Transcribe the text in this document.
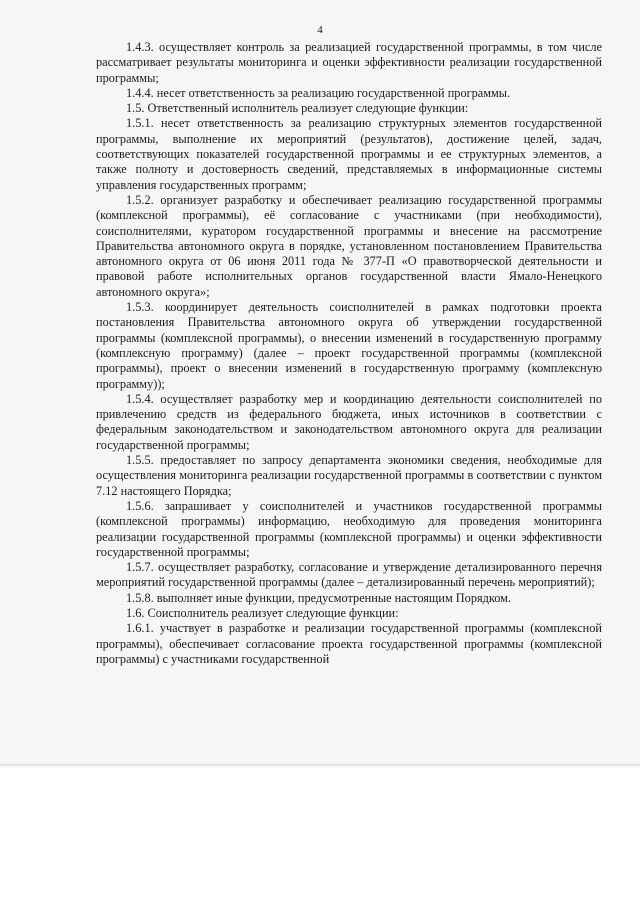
4

1.4.3. осуществляет контроль за реализацией государственной программы, в том числе рассматривает результаты мониторинга и оценки эффективности реализации государственной программы;

1.4.4. несет ответственность за реализацию государственной программы.

1.5. Ответственный исполнитель реализует следующие функции:

1.5.1. несет ответственность за реализацию структурных элементов государственной программы, выполнение их мероприятий (результатов), достижение целей, задач, соответствующих показателей государственной программы и ее структурных элементов, а также полноту и достоверность сведений, представляемых в информационные системы управления государственных программ;

1.5.2. организует разработку и обеспечивает реализацию государственной программы (комплексной программы), её согласование с участниками (при необходимости), соисполнителями, куратором государственной программы и внесение на рассмотрение Правительства автономного округа в порядке, установленном постановлением Правительства автономного округа от 06 июня 2011 года № 377-П «О правотворческой деятельности и правовой работе исполнительных органов государственной власти Ямало-Ненецкого автономного округа»;

1.5.3. координирует деятельность соисполнителей в рамках подготовки проекта постановления Правительства автономного округа об утверждении государственной программы (комплексной программы), о внесении изменений в государственную программу (комплексную программу) (далее – проект государственной программы (комплексной программы), проект о внесении изменений в государственную программу (комплексную программу));

1.5.4. осуществляет разработку мер и координацию деятельности соисполнителей по привлечению средств из федерального бюджета, иных источников в соответствии с федеральным законодательством и законодательством автономного округа для реализации государственной программы;

1.5.5. предоставляет по запросу департамента экономики сведения, необходимые для осуществления мониторинга реализации государственной программы в соответствии с пунктом 7.12 настоящего Порядка;

1.5.6. запрашивает у соисполнителей и участников государственной программы (комплексной программы) информацию, необходимую для проведения мониторинга реализации государственной программы (комплексной программы) и оценки эффективности государственной программы;

1.5.7. осуществляет разработку, согласование и утверждение детализированного перечня мероприятий государственной программы (далее – детализированный перечень мероприятий);

1.5.8. выполняет иные функции, предусмотренные настоящим Порядком.

1.6. Соисполнитель реализует следующие функции:

1.6.1. участвует в разработке и реализации государственной программы (комплексной программы), обеспечивает согласование проекта государственной программы (комплексной программы) с участниками государственной
